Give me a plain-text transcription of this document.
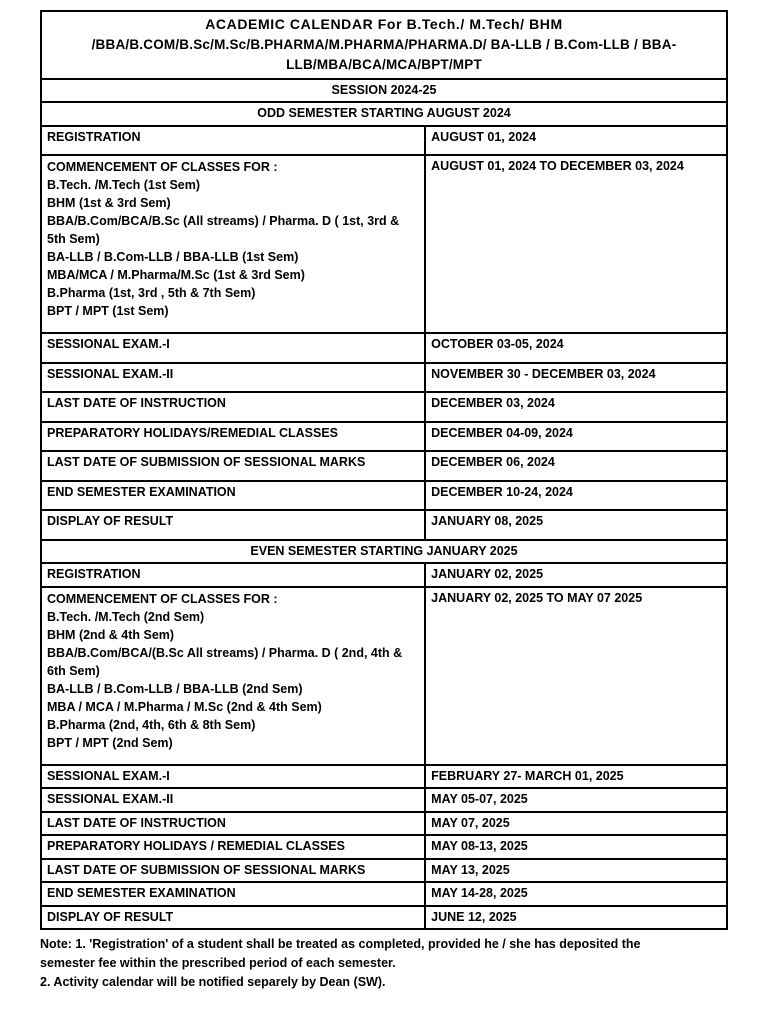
ACADEMIC CALENDAR For B.Tech./ M.Tech/ BHM
/BBA/B.COM/B.Sc/M.Sc/B.PHARMA/M.PHARMA/PHARMA.D/ BA-LLB / B.Com-LLB / BBA-
LLB/MBA/BCA/MCA/BPT/MPT	

SESSION 2024-25	
ODD SEMESTER STARTING AUGUST 2024	

REGISTRATION	AUGUST 01, 2024

COMMENCEMENT OF CLASSES FOR :
B.Tech. /M.Tech (1st Sem)
BHM (1st & 3rd Sem)
BBA/B.Com/BCA/B.Sc (All streams) / Pharma. D ( 1st, 3rd &
5th Sem)
BA-LLB / B.Com-LLB / BBA-LLB (1st Sem)
MBA/MCA / M.Pharma/M.Sc (1st & 3rd Sem)
B.Pharma (1st, 3rd , 5th & 7th Sem)
BPT / MPT (1st Sem)
	AUGUST 01, 2024 TO DECEMBER 03, 2024

SESSIONAL EXAM.-I	OCTOBER 03-05, 2024

SESSIONAL EXAM.-II	NOVEMBER 30 - DECEMBER 03, 2024

LAST DATE OF INSTRUCTION	DECEMBER 03, 2024

PREPARATORY HOLIDAYS/REMEDIAL CLASSES	DECEMBER 04-09, 2024

LAST DATE OF SUBMISSION OF SESSIONAL MARKS	DECEMBER 06, 2024

END SEMESTER EXAMINATION	DECEMBER 10-24, 2024

DISPLAY OF RESULT	JANUARY 08, 2025
EVEN SEMESTER STARTING JANUARY 2025	

REGISTRATION	JANUARY 02, 2025

COMMENCEMENT OF CLASSES FOR :
B.Tech. /M.Tech (2nd Sem)
BHM (2nd & 4th Sem)
BBA/B.Com/BCA/(B.Sc All streams) / Pharma. D ( 2nd, 4th &
6th Sem)
BA-LLB / B.Com-LLB / BBA-LLB (2nd Sem)
MBA / MCA / M.Pharma / M.Sc (2nd & 4th Sem)
B.Pharma (2nd, 4th, 6th & 8th Sem)
BPT / MPT (2nd Sem)
	JANUARY 02, 2025 TO MAY 07 2025

SESSIONAL EXAM.-I	FEBRUARY 27- MARCH 01, 2025

SESSIONAL EXAM.-II	MAY 05-07, 2025

LAST DATE OF INSTRUCTION	MAY 07, 2025

PREPARATORY HOLIDAYS / REMEDIAL CLASSES	MAY 08-13, 2025

LAST DATE OF SUBMISSION OF SESSIONAL MARKS	MAY 13, 2025

END SEMESTER EXAMINATION	MAY 14-28, 2025

DISPLAY OF RESULT	JUNE 12, 2025

Note: 1. 'Registration' of a student shall be treated as completed, provided he / she has deposited the semester fee within the prescribed period of each semester.

2. Activity calendar will be notified separely by Dean (SW).
